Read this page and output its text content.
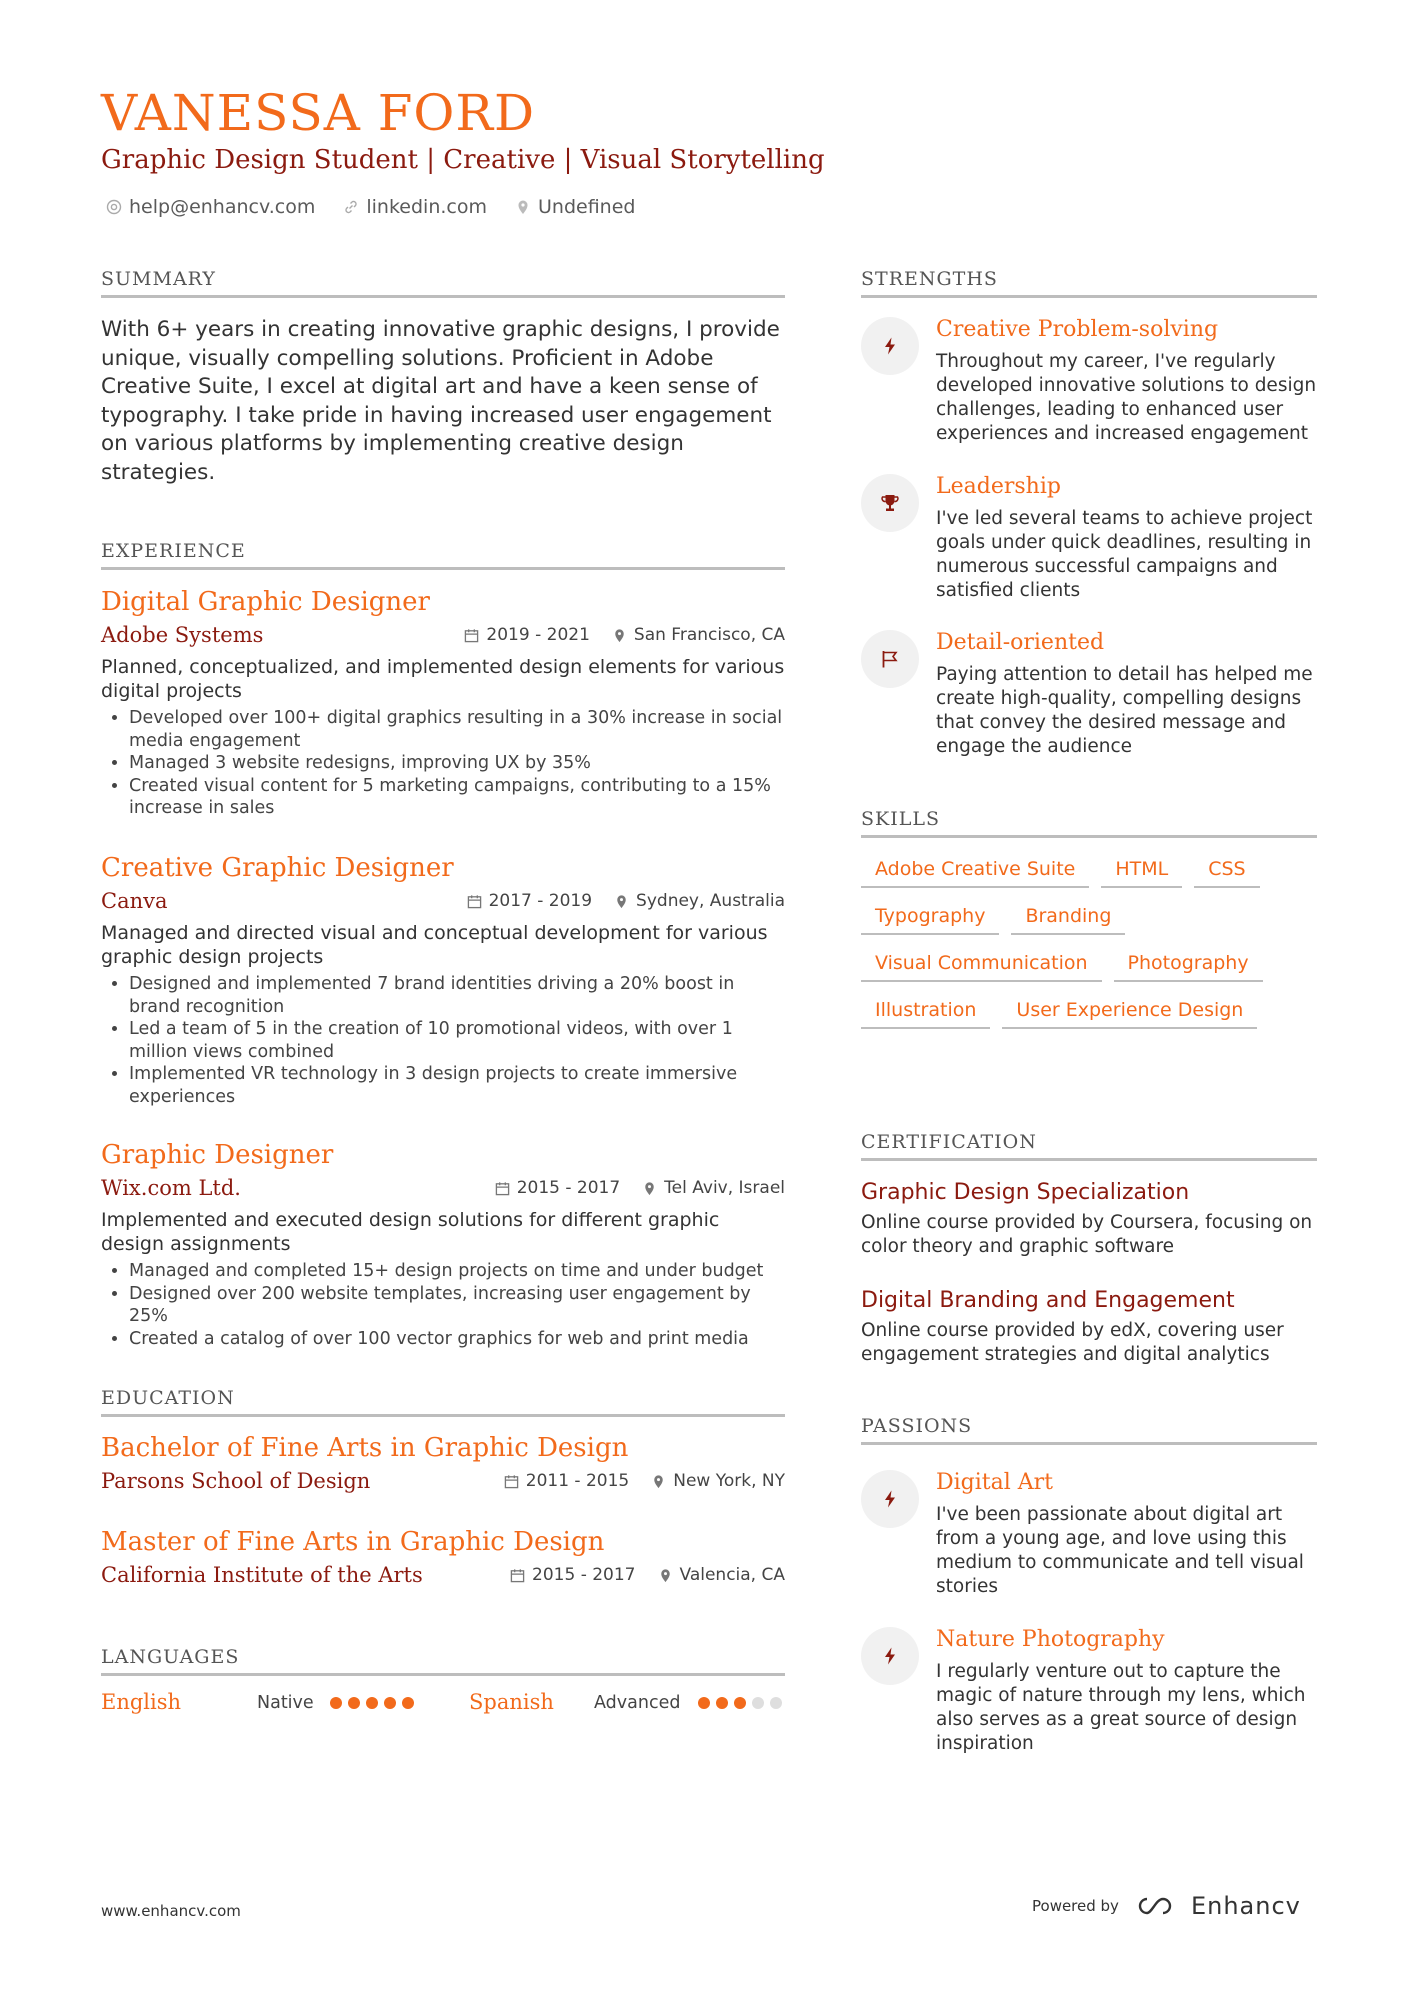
VANESSA FORD
Graphic Design Student | Creative | Visual Storytelling
help@enhancv.com	linkedin.com	Undefined
SUMMARY
With 6+ years in creating innovative graphic designs, I provide unique, visually compelling solutions. Proficient in Adobe Creative Suite, I excel at digital art and have a keen sense of typography. I take pride in having increased user engagement on various platforms by implementing creative design strategies.
EXPERIENCE
Digital Graphic Designer
Adobe Systems	2019 - 2021	San Francisco, CA
Planned, conceptualized, and implemented design elements for various digital projects
• Developed over 100+ digital graphics resulting in a 30% increase in social media engagement
• Managed 3 website redesigns, improving UX by 35%
• Created visual content for 5 marketing campaigns, contributing to a 15% increase in sales
Creative Graphic Designer
Canva	2017 - 2019	Sydney, Australia
Managed and directed visual and conceptual development for various graphic design projects
• Designed and implemented 7 brand identities driving a 20% boost in brand recognition
• Led a team of 5 in the creation of 10 promotional videos, with over 1 million views combined
• Implemented VR technology in 3 design projects to create immersive experiences
Graphic Designer
Wix.com Ltd.	2015 - 2017	Tel Aviv, Israel
Implemented and executed design solutions for different graphic design assignments
• Managed and completed 15+ design projects on time and under budget
• Designed over 200 website templates, increasing user engagement by 25%
• Created a catalog of over 100 vector graphics for web and print media
EDUCATION
Bachelor of Fine Arts in Graphic Design
Parsons School of Design	2011 - 2015	New York, NY
Master of Fine Arts in Graphic Design
California Institute of the Arts	2015 - 2017	Valencia, CA
LANGUAGES
English	Native	Spanish Advanced
STRENGTHS
Creative Problem-solving
Throughout my career, I've regularly developed innovative solutions to design challenges, leading to enhanced user experiences and increased engagement
Leadership
I've led several teams to achieve project goals under quick deadlines, resulting in numerous successful campaigns and satisfied clients
Detail-oriented
Paying attention to detail has helped me create high-quality, compelling designs that convey the desired message and engage the audience
SKILLS
Adobe Creative Suite	HTML	CSS
Typography	Branding
Visual Communication	Photography
Illustration	User Experience Design
CERTIFICATION
Graphic Design Specialization
Online course provided by Coursera, focusing on color theory and graphic software
Digital Branding and Engagement
Online course provided by edX, covering user engagement strategies and digital analytics
PASSIONS
Digital Art
I've been passionate about digital art from a young age, and love using this medium to communicate and tell visual stories
Nature Photography
I regularly venture out to capture the magic of nature through my lens, which also serves as a great source of design inspiration
www.enhancv.com	Powered by	Enhancv
